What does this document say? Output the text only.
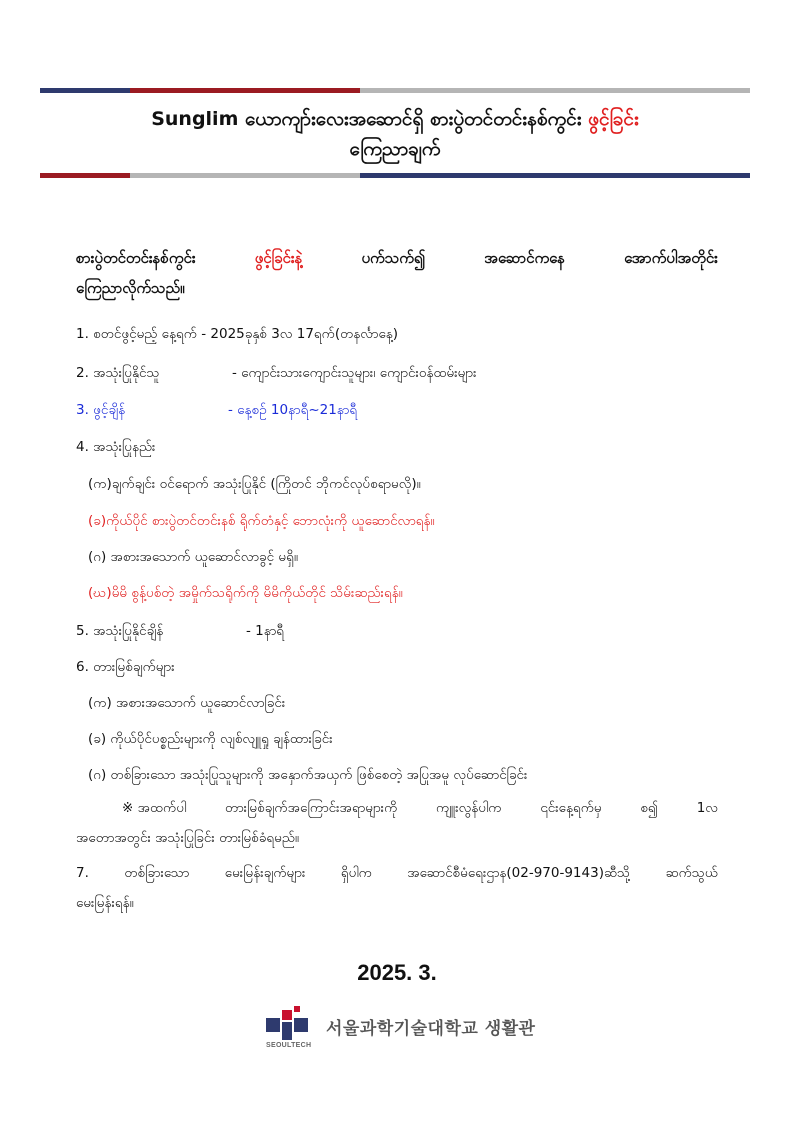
Sunglim ယောကျာ်းလေးအဆောင်ရှိ စားပွဲတင်တင်းနစ်ကွင်း ဖွင့်ခြင်း
ကြေညာချက်
စားပွဲတင်တင်းနစ်ကွင်း	ဖွင့်ခြင်းနဲ့	ပက်သက်၍	အဆောင်ကနေ	အောက်ပါအတိုင်း
ကြေညာလိုက်သည်။
1. စတင်ဖွင့်မည့် နေ့ရက် - 2025ခုနှစ် 3လ 17ရက်(တနင်္လာနေ့)
2. အသုံးပြုနိုင်သူ	- ကျောင်းသားကျောင်းသူများ၊ ကျောင်းဝန်ထမ်းများ
3. ဖွင့်ချိန်	- နေ့စဉ် 10နာရီ~21နာရီ
4. အသုံးပြုနည်း
(က)ချက်ချင်း ဝင်ရောက် အသုံးပြုနိုင် (ကြိုတင် ဘိုကင်လုပ်စရာမလို)။
(ခ)ကိုယ်ပိုင် စားပွဲတင်တင်းနစ် ရိုက်တံနှင့် ဘောလုံးကို ယူဆောင်လာရန်။
(ဂ) အစားအသောက် ယူဆောင်လာခွင့် မရှိ။
(ဃ)မိမိ စွန့်ပစ်တဲ့ အမှိုက်သရိုက်ကို မိမိကိုယ်တိုင် သိမ်းဆည်းရန်။
5. အသုံးပြုနိုင်ချိန်	- 1နာရီ
6. တားမြစ်ချက်များ
(က) အစားအသောက် ယူဆောင်လာခြင်း
(ခ) ကိုယ်ပိုင်ပစ္စည်းများကို လျစ်လျူရှု ချန်ထားခြင်း
(ဂ) တစ်ခြားသော အသုံးပြုသူများကို အနှောက်အယှက် ဖြစ်စေတဲ့ အပြုအမူ လုပ်ဆောင်ခြင်း
※ အထက်ပါ	တားမြစ်ချက်အကြောင်းအရာများကို	ကျူးလွန်ပါက	၎င်းနေ့ရက်မှ	စ၍	1လ
အတောအတွင်း အသုံးပြုခြင်း တားမြစ်ခံရမည်။
7.	တစ်ခြားသော	မေးမြန်းချက်များ	ရှိပါက	အဆောင်စီမံရေးဌာန(02-970-9143)ဆီသို့	ဆက်သွယ်
မေးမြန်းရန်။
2025. 3.
SEOULTECH
서울과학기술대학교 생활관
